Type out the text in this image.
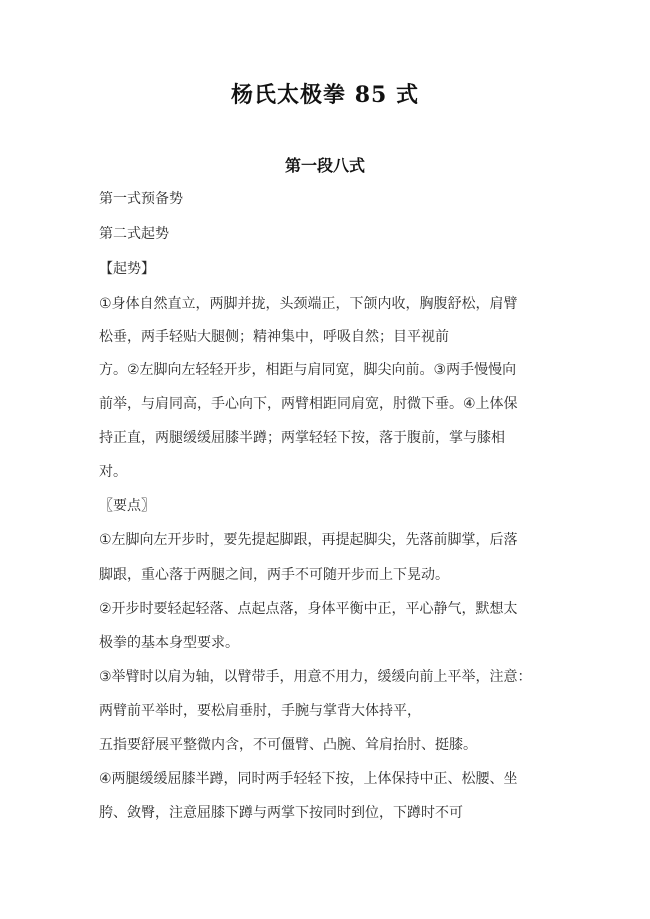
杨氏太极拳 85 式
第一段八式
第一式预备势
第二式起势
【起势】
①身体自然直立，两脚并拢，头颈端正，下颌内收，胸腹舒松，肩臂
松垂，两手轻贴大腿侧；精神集中，呼吸自然；目平视前
方。②左脚向左轻轻开步，相距与肩同宽，脚尖向前。③两手慢慢向
前举，与肩同高，手心向下，两臂相距同肩宽，肘微下垂。④上体保
持正直，两腿缓缓屈膝半蹲；两掌轻轻下按，落于腹前，掌与膝相
对。
〖要点〗
①左脚向左开步时，要先提起脚跟，再提起脚尖，先落前脚掌，后落
脚跟，重心落于两腿之间，两手不可随开步而上下晃动。
②开步时要轻起轻落、点起点落，身体平衡中正，平心静气，默想太
极拳的基本身型要求。
③举臂时以肩为轴，以臂带手，用意不用力，缓缓向前上平举，注意：
两臂前平举时，要松肩垂肘，手腕与掌背大体持平，
五指要舒展平整微内含，不可僵臂、凸腕、耸肩抬肘、挺膝。
④两腿缓缓屈膝半蹲，同时两手轻轻下按，上体保持中正、松腰、坐
胯、敛臀，注意屈膝下蹲与两掌下按同时到位，下蹲时不可
